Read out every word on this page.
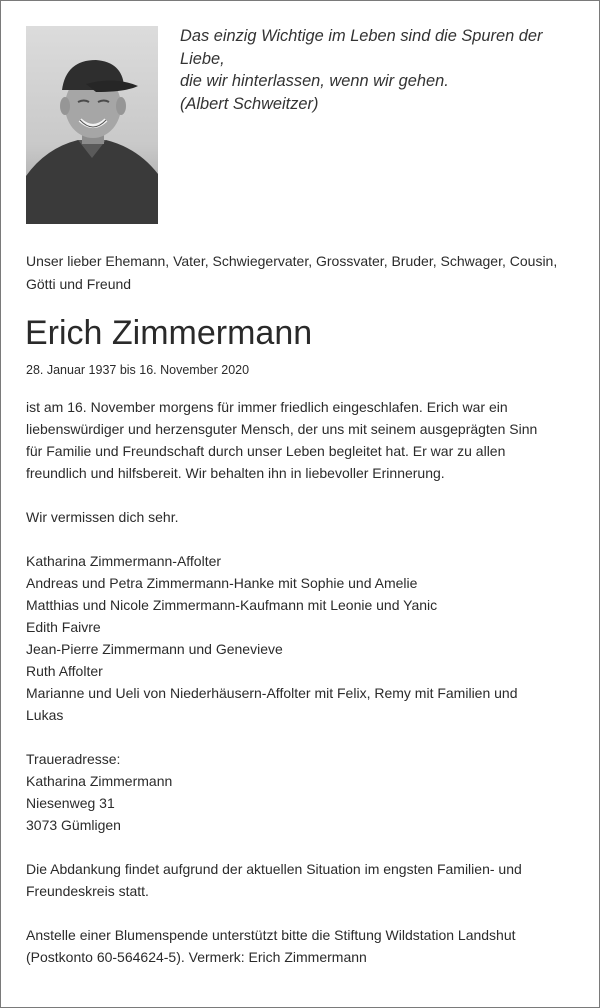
Das einzig Wichtige im Leben sind die Spuren der
Liebe,
die wir hinterlassen, wenn wir gehen.
(Albert Schweitzer)
Unser lieber Ehemann, Vater, Schwiegervater, Grossvater, Bruder, Schwager, Cousin, Götti und Freund
Erich Zimmermann
28. Januar 1937 bis 16. November 2020
ist am 16. November morgens für immer friedlich eingeschlafen. Erich war ein
liebenswürdiger und herzensguter Mensch, der uns mit seinem ausgeprägten Sinn
für Familie und Freundschaft durch unser Leben begleitet hat. Er war zu allen
freundlich und hilfsbereit. Wir behalten ihn in liebevoller Erinnerung.
Wir vermissen dich sehr.
Katharina Zimmermann-Affolter
Andreas und Petra Zimmermann-Hanke mit Sophie und Amelie
Matthias und Nicole Zimmermann-Kaufmann mit Leonie und Yanic
Edith Faivre
Jean-Pierre Zimmermann und Genevieve
Ruth Affolter
Marianne und Ueli von Niederhäusern-Affolter mit Felix, Remy mit Familien und
Lukas
Traueradresse:
Katharina Zimmermann
Niesenweg 31
3073 Gümligen
Die Abdankung findet aufgrund der aktuellen Situation im engsten Familien- und
Freundeskreis statt.
Anstelle einer Blumenspende unterstützt bitte die Stiftung Wildstation Landshut
(Postkonto 60-564624-5). Vermerk: Erich Zimmermann
